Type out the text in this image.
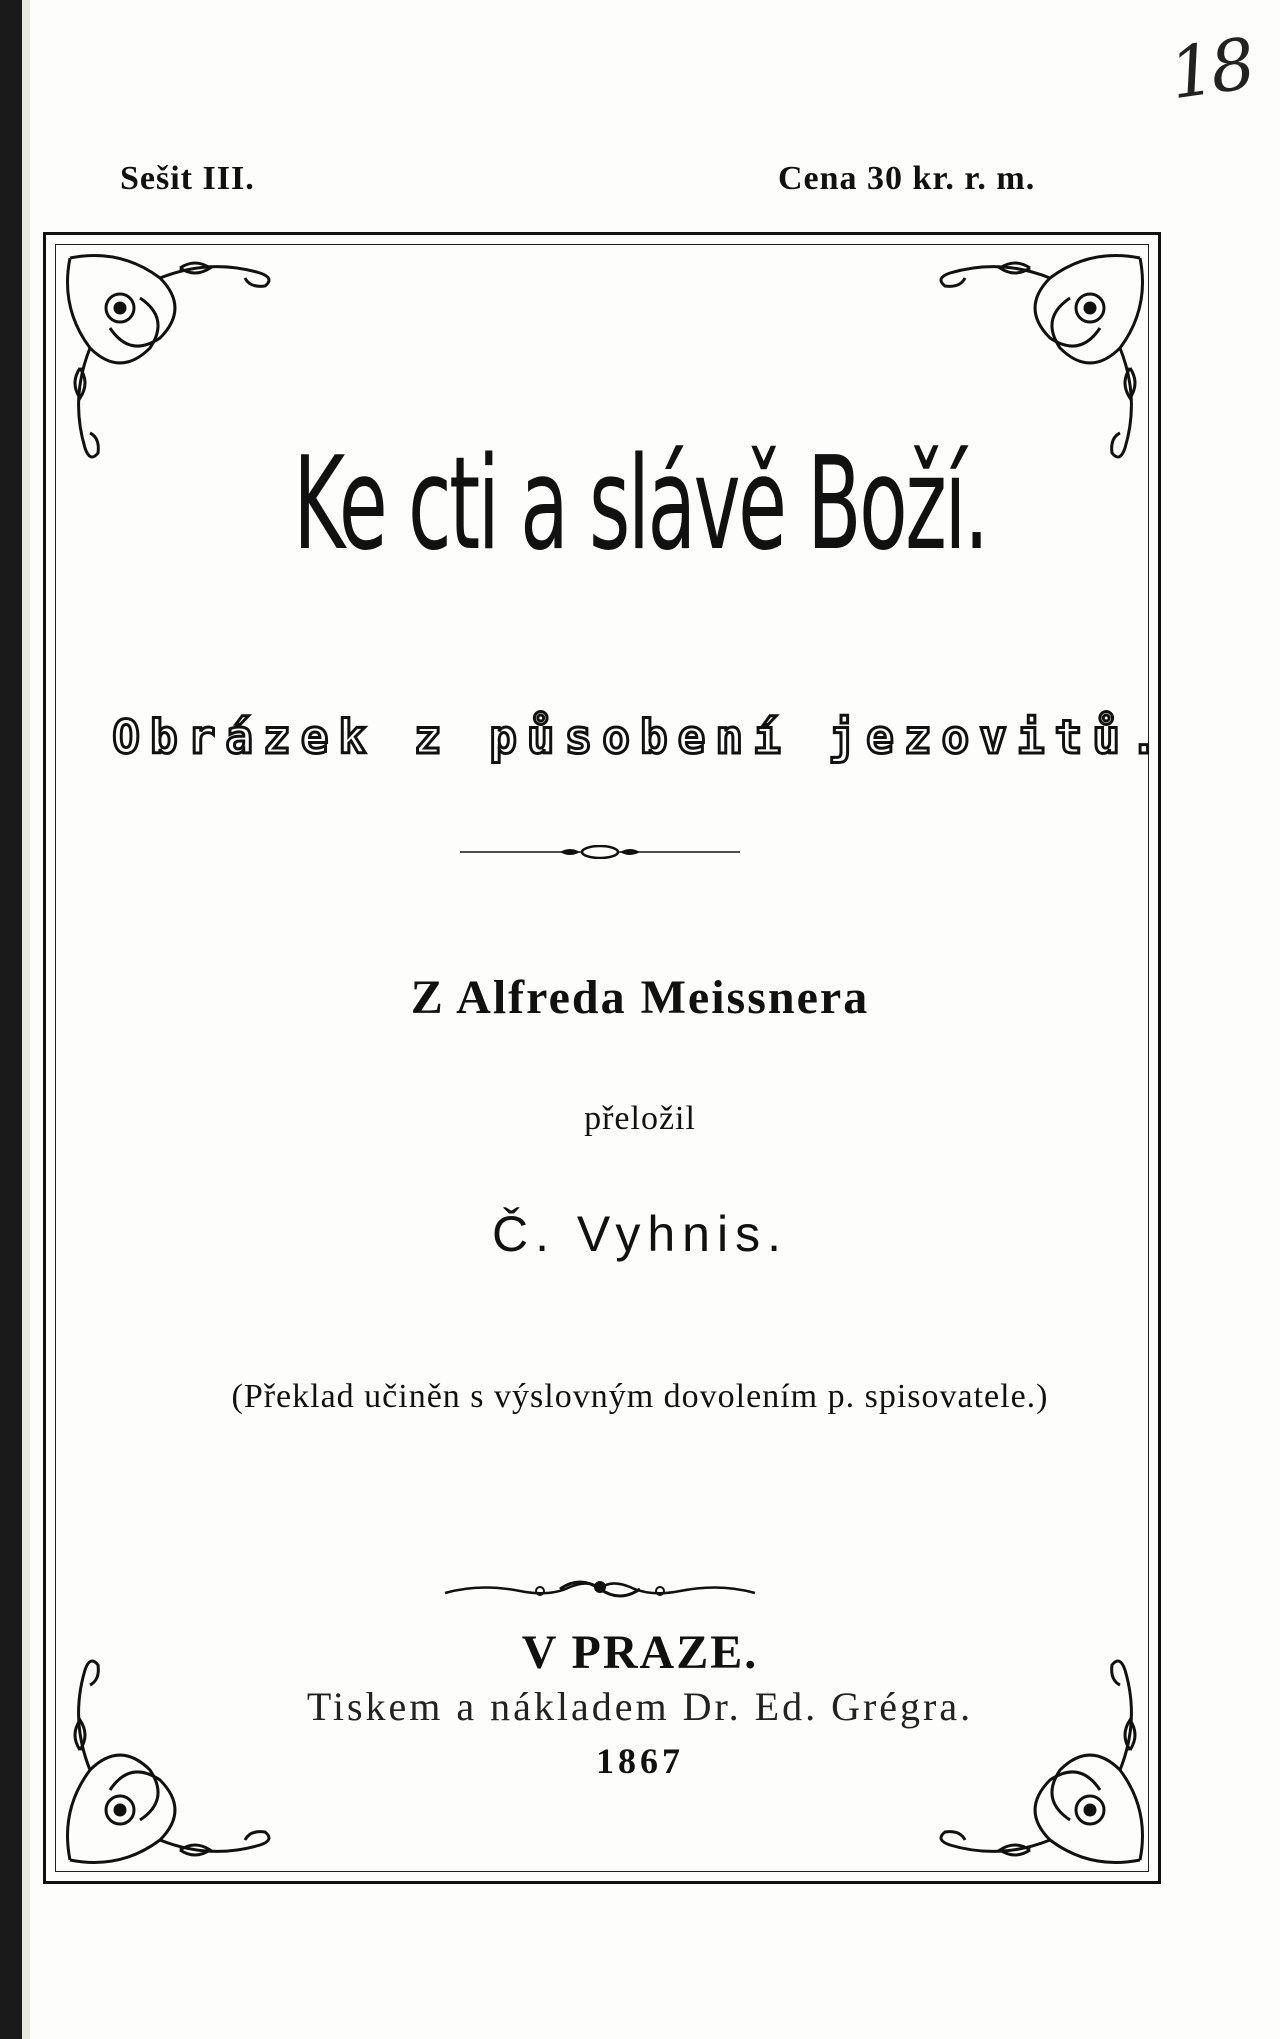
18
Sešit III.	Cena 30 kr. r. m.
Ke cti a slávě Boží.
Obrázek z působení jezovitů.
Z Alfreda Meissnera
přeložil
Č. Vyhnis.
(Překlad učiněn s výslovným dovolením p. spisovatele.)
V PRAZE.
Tiskem a nákladem Dr. Ed. Grégra.
1867
